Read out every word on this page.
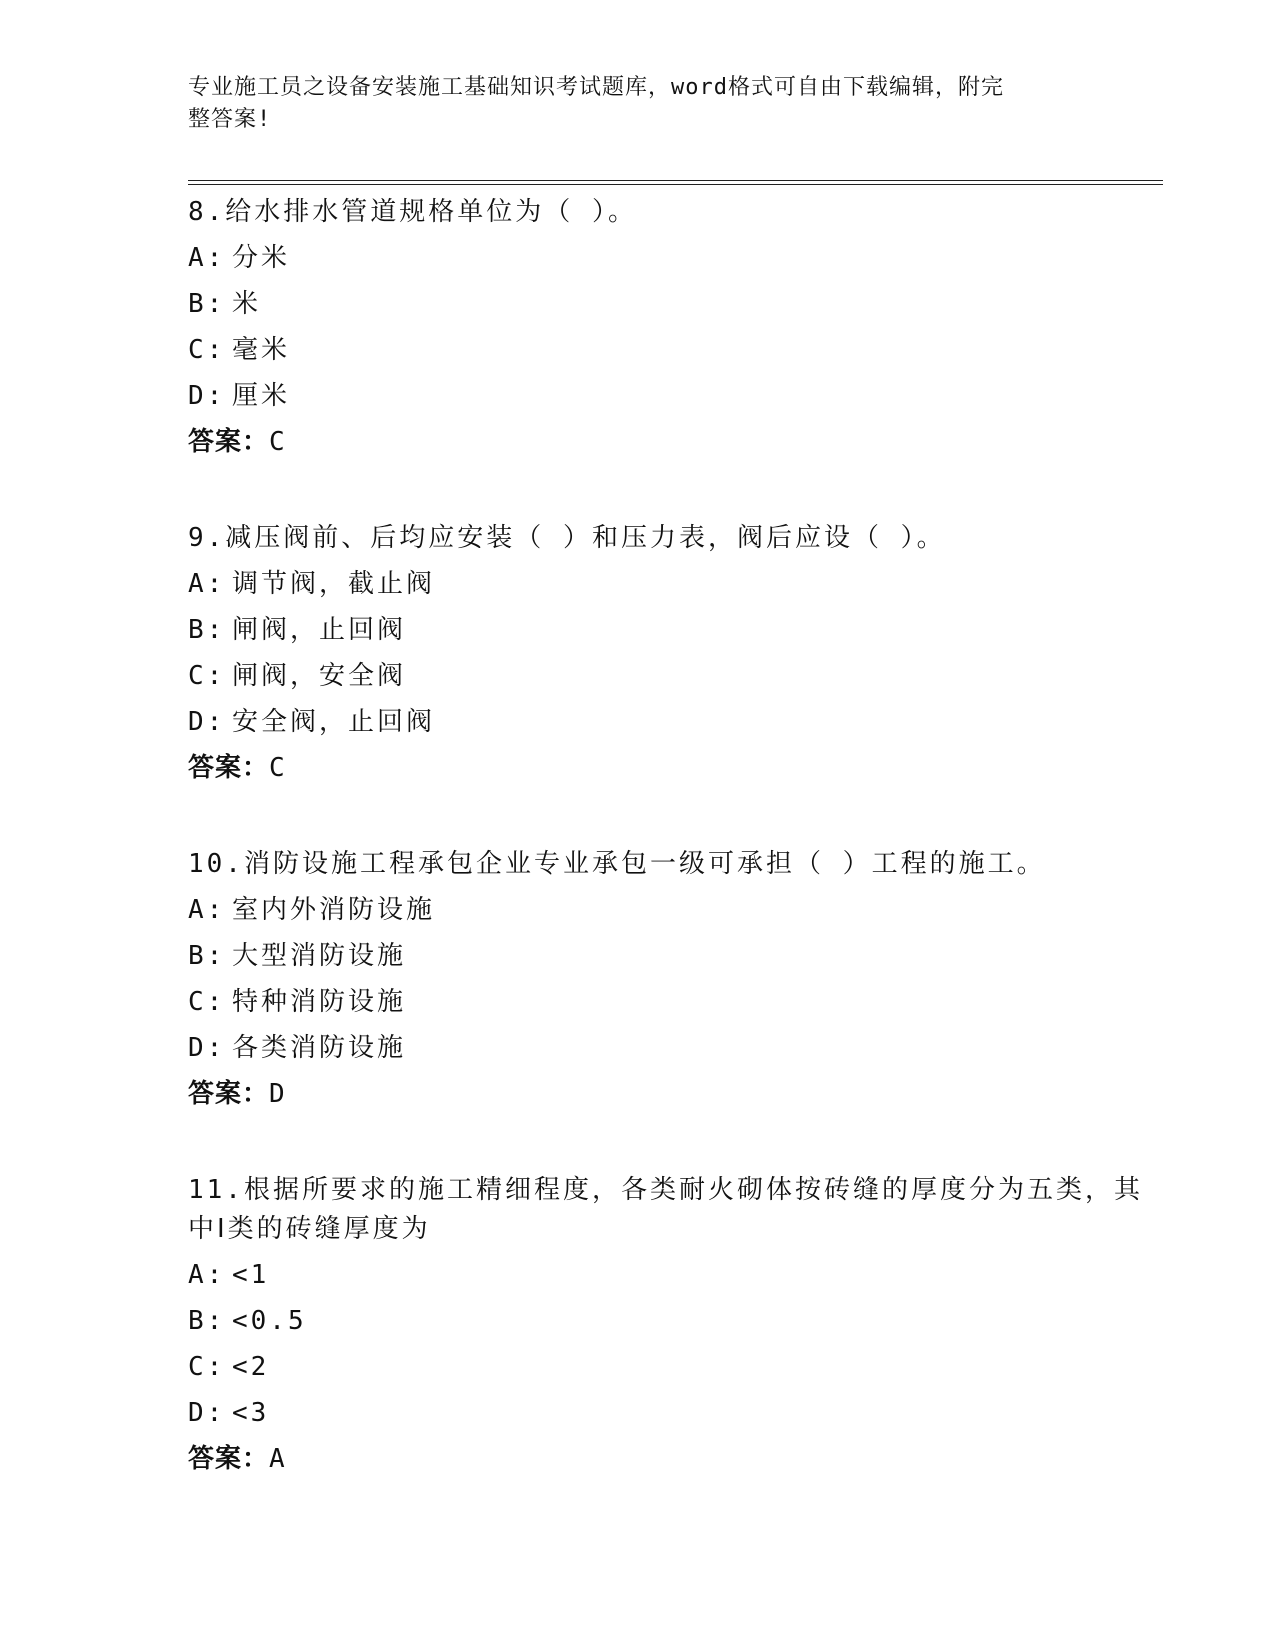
专业施工员之设备安装施工基础知识考试题库，word格式可自由下载编辑，附完
整答案!
8.给水排水管道规格单位为（ ）。
A: 分米
B: 米
C: 毫米
D: 厘米
答案：C
9.减压阀前、后均应安装（ ）和压力表，阀后应设（ ）。
A: 调节阀，截止阀
B: 闸阀，止回阀
C: 闸阀，安全阀
D: 安全阀，止回阀
答案：C
10.消防设施工程承包企业专业承包一级可承担（ ）工程的施工。
A: 室内外消防设施
B: 大型消防设施
C: 特种消防设施
D: 各类消防设施
答案：D
11.根据所要求的施工精细程度，各类耐火砌体按砖缝的厚度分为五类，其中Ⅰ类的砖缝厚度为
A: <1
B: <0.5
C: <2
D: <3
答案：A
